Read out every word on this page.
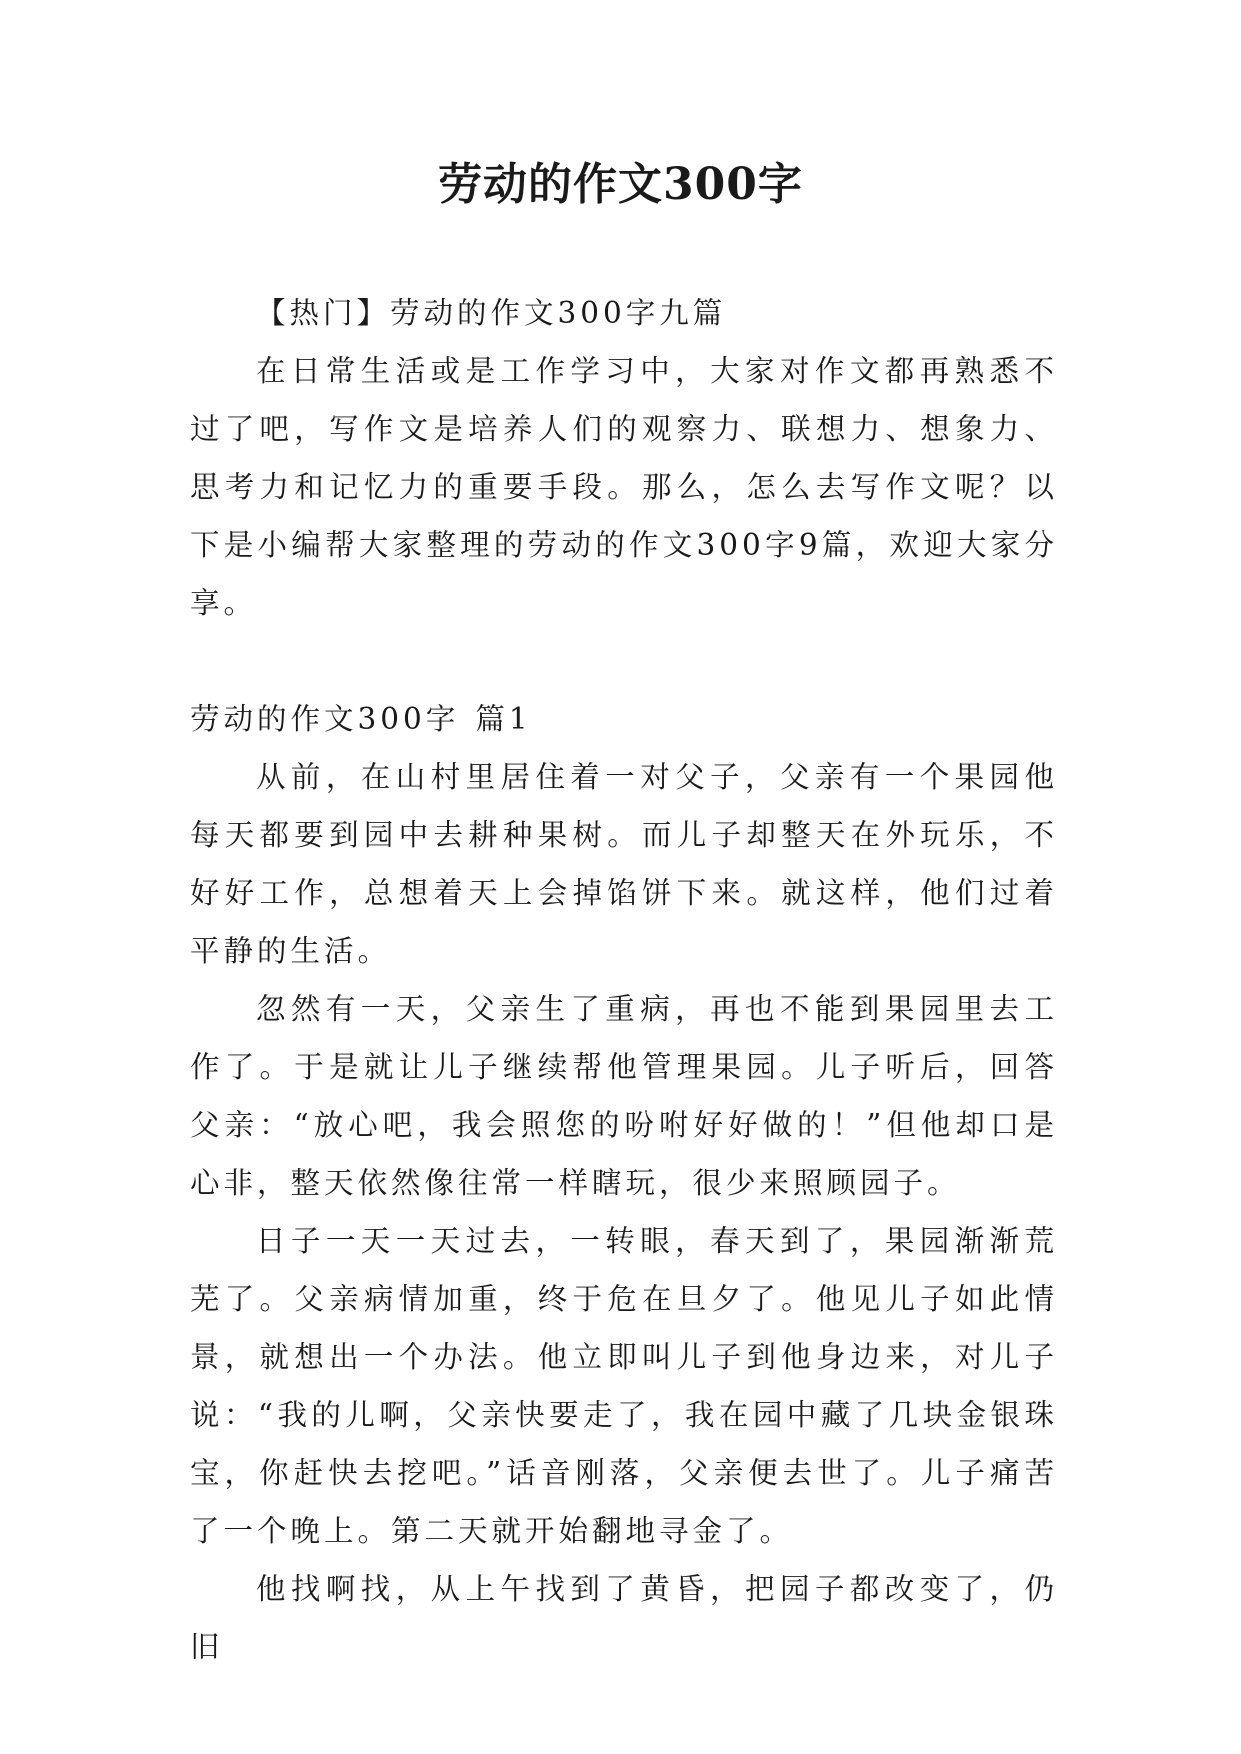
劳动的作文300字

【热门】劳动的作文300字九篇

在日常生活或是工作学习中，大家对作文都再熟悉不过了吧，写作文是培养人们的观察力、联想力、想象力、思考力和记忆力的重要手段。那么，怎么去写作文呢？以下是小编帮大家整理的劳动的作文300字9篇，欢迎大家分享。

劳动的作文300字 篇1

从前，在山村里居住着一对父子，父亲有一个果园他每天都要到园中去耕种果树。而儿子却整天在外玩乐，不好好工作，总想着天上会掉馅饼下来。就这样，他们过着平静的生活。

忽然有一天，父亲生了重病，再也不能到果园里去工作了。于是就让儿子继续帮他管理果园。儿子听后，回答父亲：“放心吧，我会照您的吩咐好好做的！”但他却口是心非，整天依然像往常一样瞎玩，很少来照顾园子。

日子一天一天过去，一转眼，春天到了，果园渐渐荒芜了。父亲病情加重，终于危在旦夕了。他见儿子如此情景，就想出一个办法。他立即叫儿子到他身边来，对儿子说：“我的儿啊，父亲快要走了，我在园中藏了几块金银珠宝，你赶快去挖吧。”话音刚落，父亲便去世了。儿子痛苦了一个晚上。第二天就开始翻地寻金了。

他找啊找，从上午找到了黄昏，把园子都改变了，仍旧
